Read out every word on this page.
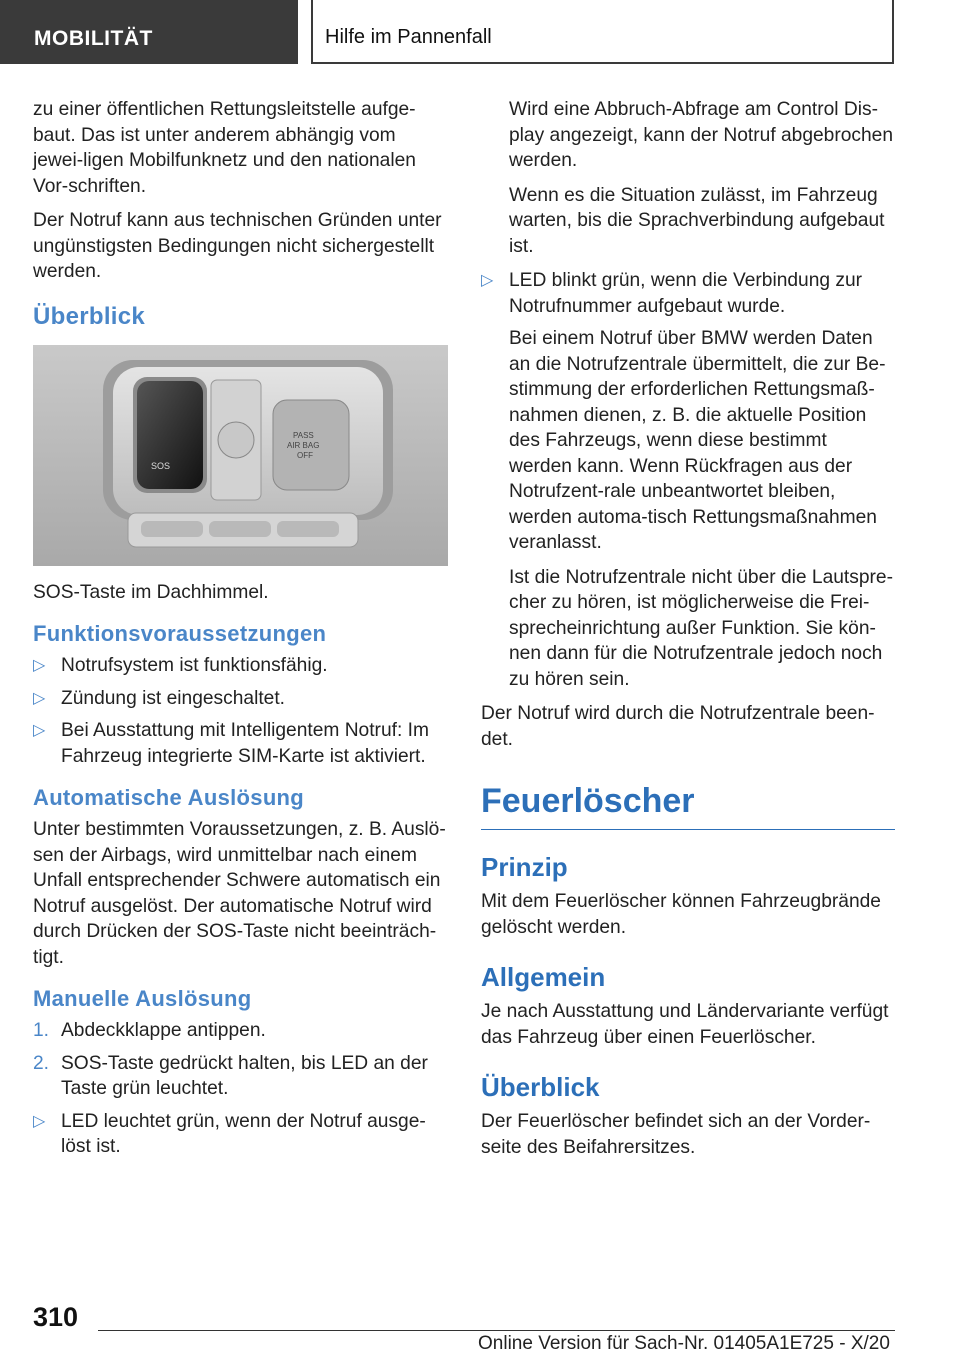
MOBILITÄT	Hilfe im Pannenfall

zu einer öffentlichen Rettungsleitstelle aufge-baut. Das ist unter anderem abhängig vom jewei-ligen Mobilfunknetz und den nationalen Vor-schriften.

Der Notruf kann aus technischen Gründen unter ungünstigsten Bedingungen nicht sichergestellt werden.

Überblick
SOS
PASS
AIR BAG
OFF

SOS-Taste im Dachhimmel.

Funktionsvoraussetzungen
▷ Notrufsystem ist funktionsfähig.
▷ Zündung ist eingeschaltet.
▷ Bei Ausstattung mit Intelligentem Notruf: Im Fahrzeug integrierte SIM-Karte ist aktiviert.
Automatische Auslösung

Unter bestimmten Voraussetzungen, z. B. Auslö-sen der Airbags, wird unmittelbar nach einem Unfall entsprechender Schwere automatisch ein Notruf ausgelöst. Der automatische Notruf wird durch Drücken der SOS-Taste nicht beeinträch-tigt.

Manuelle Auslösung
1. Abdeckklappe antippen.
2. SOS-Taste gedrückt halten, bis LED an der Taste grün leuchtet.
▷ LED leuchtet grün, wenn der Notruf ausge-löst ist.

Wird eine Abbruch-Abfrage am Control Dis-play angezeigt, kann der Notruf abgebrochen werden.

Wenn es die Situation zulässt, im Fahrzeug warten, bis die Sprachverbindung aufgebaut ist.

▷ LED blinkt grün, wenn die Verbindung zur Notrufnummer aufgebaut wurde.

Bei einem Notruf über BMW werden Daten an die Notrufzentrale übermittelt, die zur Be-stimmung der erforderlichen Rettungsmaß-nahmen dienen, z. B. die aktuelle Position des Fahrzeugs, wenn diese bestimmt werden kann. Wenn Rückfragen aus der Notrufzent-rale unbeantwortet bleiben, werden automa-tisch Rettungsmaßnahmen veranlasst.

Ist die Notrufzentrale nicht über die Lautspre-cher zu hören, ist möglicherweise die Frei-sprecheinrichtung außer Funktion. Sie kön-nen dann für die Notrufzentrale jedoch noch zu hören sein.

Der Notruf wird durch die Notrufzentrale been-det.

Feuerlöscher
Prinzip

Mit dem Feuerlöscher können Fahrzeugbrände gelöscht werden.

Allgemein

Je nach Ausstattung und Ländervariante verfügt das Fahrzeug über einen Feuerlöscher.

Überblick

Der Feuerlöscher befindet sich an der Vorder-seite des Beifahrersitzes.

310
Online Version für Sach-Nr. 01405A1E725 - X/20
